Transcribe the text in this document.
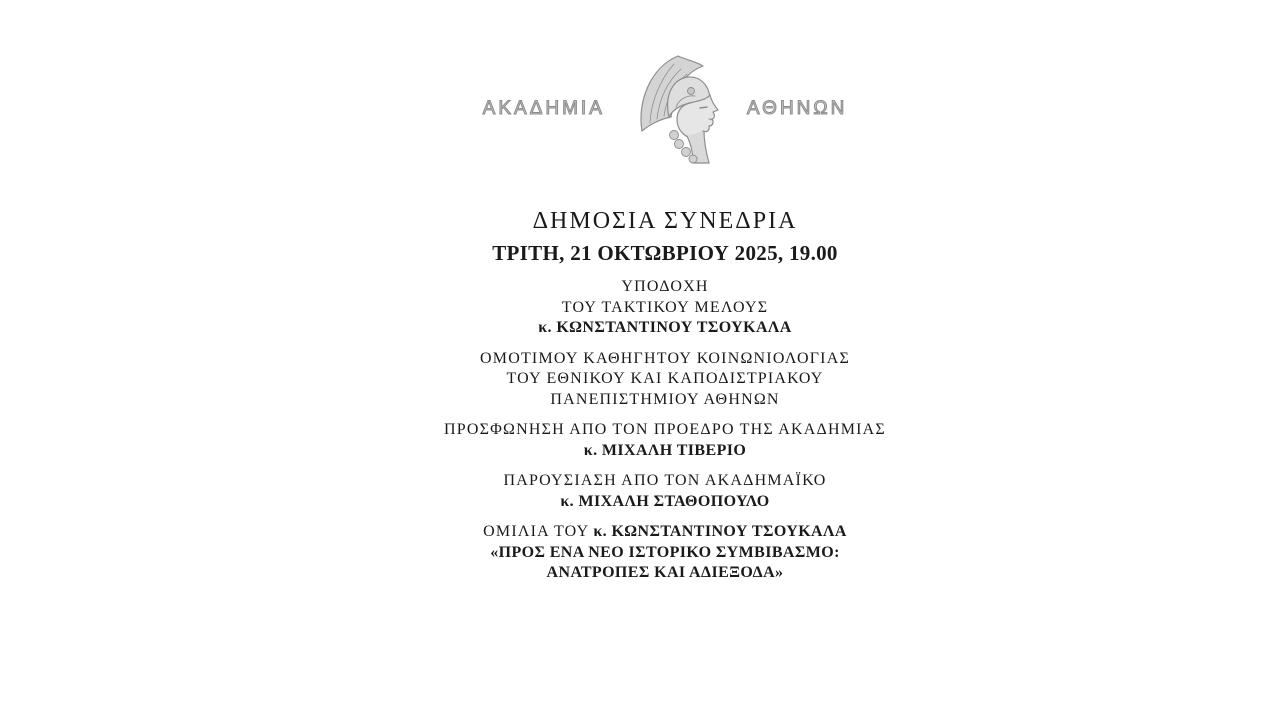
ΑΚΑΔΗΜΙΑ	ΑΘΗΝΩΝ
ΔΗΜΟΣΙΑ ΣΥΝΕΔΡΙΑ
ΤΡΙΤΗ, 21 ΟΚΤΩΒΡΙΟΥ 2025, 19.00

ΥΠΟΔΟΧΗ
ΤΟΥ ΤΑΚΤΙΚΟΥ ΜΕΛΟΥΣ
κ. ΚΩΝΣΤΑΝΤΙΝΟΥ ΤΣΟΥΚΑΛΑ

ΟΜΟΤΙΜΟΥ ΚΑΘΗΓΗΤΟΥ ΚΟΙΝΩΝΙΟΛΟΓΙΑΣ
ΤΟΥ ΕΘΝΙΚΟΥ ΚΑΙ ΚΑΠΟΔΙΣΤΡΙΑΚΟΥ
ΠΑΝΕΠΙΣΤΗΜΙΟΥ ΑΘΗΝΩΝ

ΠΡΟΣΦΩΝΗΣΗ ΑΠΟ ΤΟΝ ΠΡΟΕΔΡΟ ΤΗΣ ΑΚΑΔΗΜΙΑΣ
κ. ΜΙΧΑΛΗ ΤΙΒΕΡΙΟ

ΠΑΡΟΥΣΙΑΣΗ ΑΠΟ ΤΟΝ ΑΚΑΔΗΜΑΪΚΟ
κ. ΜΙΧΑΛΗ ΣΤΑΘΟΠΟΥΛΟ

ΟΜΙΛΙΑ ΤΟΥ κ. ΚΩΝΣΤΑΝΤΙΝΟΥ ΤΣΟΥΚΑΛΑ
«ΠΡΟΣ ΕΝΑ ΝΕΟ ΙΣΤΟΡΙΚΟ ΣΥΜΒΙΒΑΣΜΟ:
ΑΝΑΤΡΟΠΕΣ ΚΑΙ ΑΔΙΕΞΟΔΑ»
